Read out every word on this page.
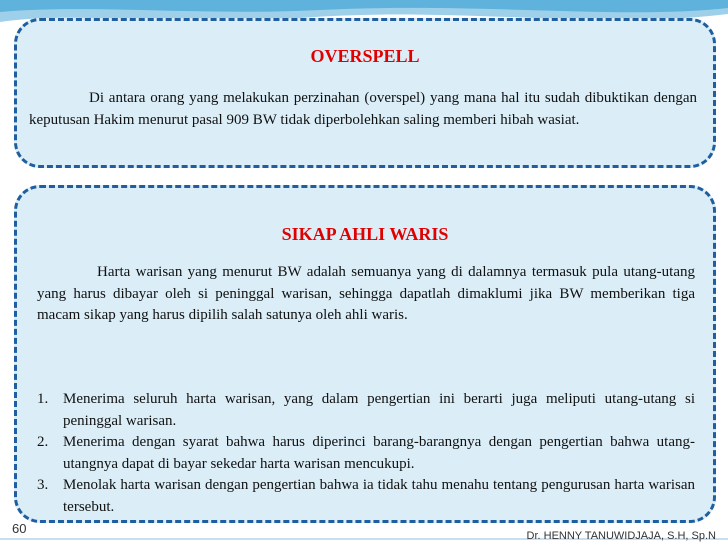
OVERSPELL
Di antara orang yang melakukan perzinahan (overspel) yang mana hal itu sudah dibuktikan dengan keputusan Hakim menurut pasal 909 BW tidak diperbolehkan saling memberi hibah wasiat.
SIKAP AHLI WARIS
Harta warisan yang menurut BW adalah semuanya yang di dalamnya termasuk pula utang-utang yang harus dibayar oleh si peninggal warisan, sehingga dapatlah dimaklumi jika BW memberikan tiga macam sikap yang harus dipilih salah satunya oleh ahli waris.
1. Menerima seluruh harta warisan, yang dalam pengertian ini berarti juga meliputi utang-utang si peninggal warisan.
2. Menerima dengan syarat bahwa harus diperinci barang-barangnya dengan pengertian bahwa utang-utangnya dapat di bayar sekedar harta warisan mencukupi.
3. Menolak harta warisan dengan pengertian bahwa ia tidak tahu menahu tentang pengurusan harta warisan tersebut.
60	Dr. HENNY TANUWIDJAJA, S.H, Sp.N
